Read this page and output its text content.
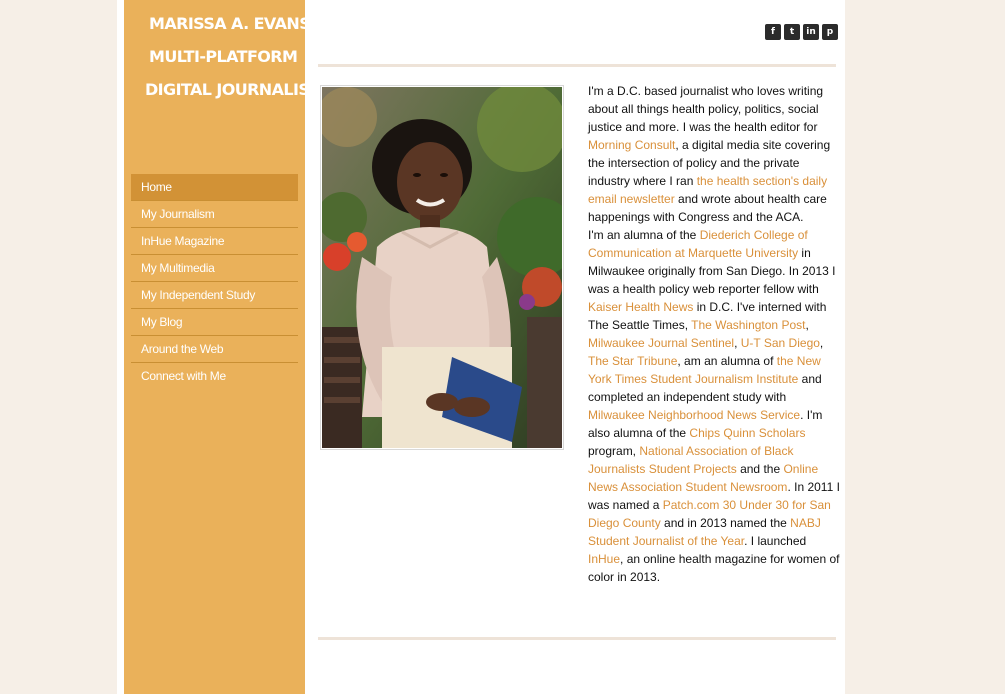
MARISSA A. EVANS
MULTI-PLATFORM
DIGITAL JOURNALIST
Home
My Journalism
InHue Magazine
My Multimedia
My Independent Study
My Blog
Around the Web
Connect with Me
f	t	in	p
I'm a D.C. based journalist who loves writing about all things health policy, politics, social justice and more. I was the health editor for Morning Consult, a digital media site covering the intersection of policy and the private industry where I ran the health section's daily email newsletter and wrote about health care happenings with Congress and the ACA.
I'm an alumna of the Diederich College of Communication at Marquette University in Milwaukee originally from San Diego. In 2013 I was a health policy web reporter fellow with Kaiser Health News in D.C. I've interned with The Seattle Times, The Washington Post, Milwaukee Journal Sentinel, U-T San Diego, The Star Tribune, am an alumna of the New York Times Student Journalism Institute and completed an independent study with Milwaukee Neighborhood News Service. I'm also alumna of the Chips Quinn Scholars program, National Association of Black Journalists Student Projects and the Online News Association Student Newsroom. In 2011 I was named a Patch.com 30 Under 30 for San Diego County and in 2013 named the NABJ Student Journalist of the Year. I launched InHue, an online health magazine for women of color in 2013.
